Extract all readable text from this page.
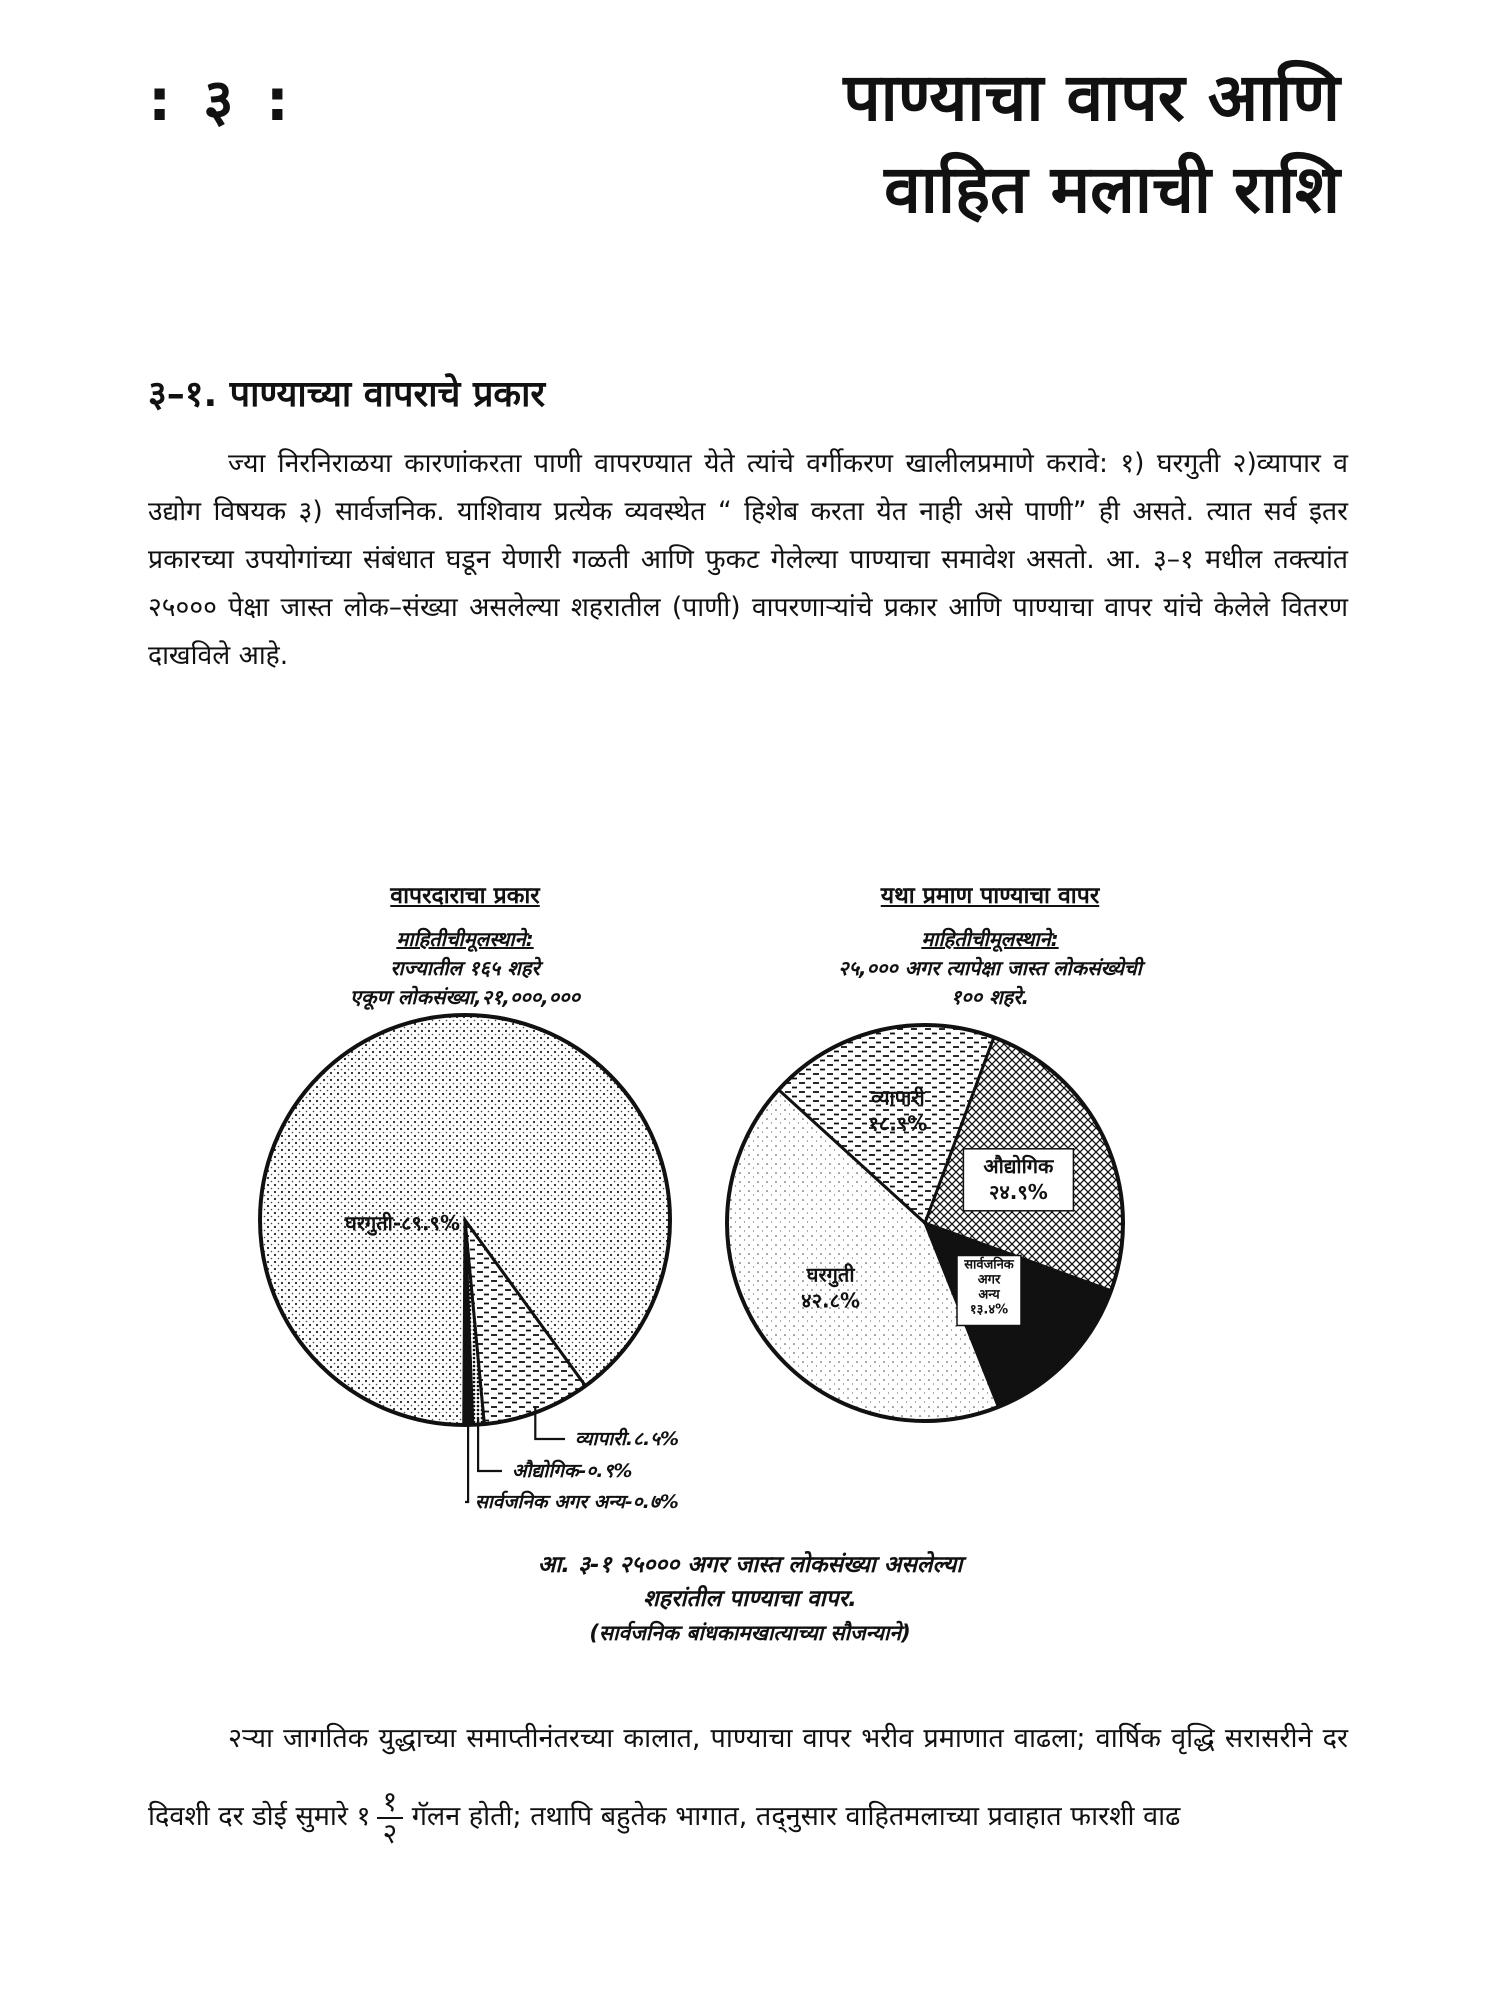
: ३ :	पाण्याचा वापर आणि
वाहित मलाची राशि
३–१. पाण्याच्या वापराचे प्रकार
ज्या निरनिराळया कारणांकरता पाणी वापरण्यात येते त्यांचे वर्गीकरण खालीलप्रमाणे करावे: १) घरगुती २)व्यापार व उद्योग विषयक ३) सार्वजनिक. याशिवाय प्रत्येक व्यवस्थेत “ हिशेब करता येत नाही असे पाणी” ही असते. त्यात सर्व इतर प्रकारच्या उपयोगांच्या संबंधात घडून येणारी गळती आणि फुकट गेलेल्या पाण्याचा समावेश असतो. आ. ३–१ मधील तक्त्यांत २५००० पेक्षा जास्त लोक–संख्या असलेल्या शहरातील (पाणी) वापरणाऱ्यांचे प्रकार आणि पाण्याचा वापर यांचे केलेले वितरण दाखविले आहे.
वापरदाराचा प्रकार
माहितीचीमूलस्थाने:
राज्यातील १६५ शहरे
एकूण लोकसंख्या,२१,०००,०००
यथा प्रमाण पाण्याचा वापर
माहितीचीमूलस्थाने:
२५,००० अगर त्यापेक्षा जास्त लोकसंख्येची
१०० शहरे.
घरगुती-८९.९%
व्यापारी.८.५%
औद्योगिक-०.९%
सार्वजनिक अगर अन्य-०.७%
घरगुती
४२.८%
व्यापारी
१८.९%
औद्योगिक
२४.९%
सार्वजनिक
अगर
अन्य
१३.४%
आ. ३-१ २५००० अगर जास्त लोकसंख्या असलेल्या
शहरांतील पाण्याचा वापर.
(सार्वजनिक बांधकामखात्याच्या सौजन्याने)
२ऱ्या जागतिक युद्धाच्या समाप्तीनंतरच्या कालात, पाण्याचा वापर भरीव प्रमाणात वाढला; वार्षिक वृद्धि सरासरीने दर दिवशी दर डोई सुमारे १ $\frac{१}{२}$ गॅलन होती; तथापि बहुतेक भागात, तद्नुसार वाहितमलाच्या प्रवाहात फारशी वाढ
